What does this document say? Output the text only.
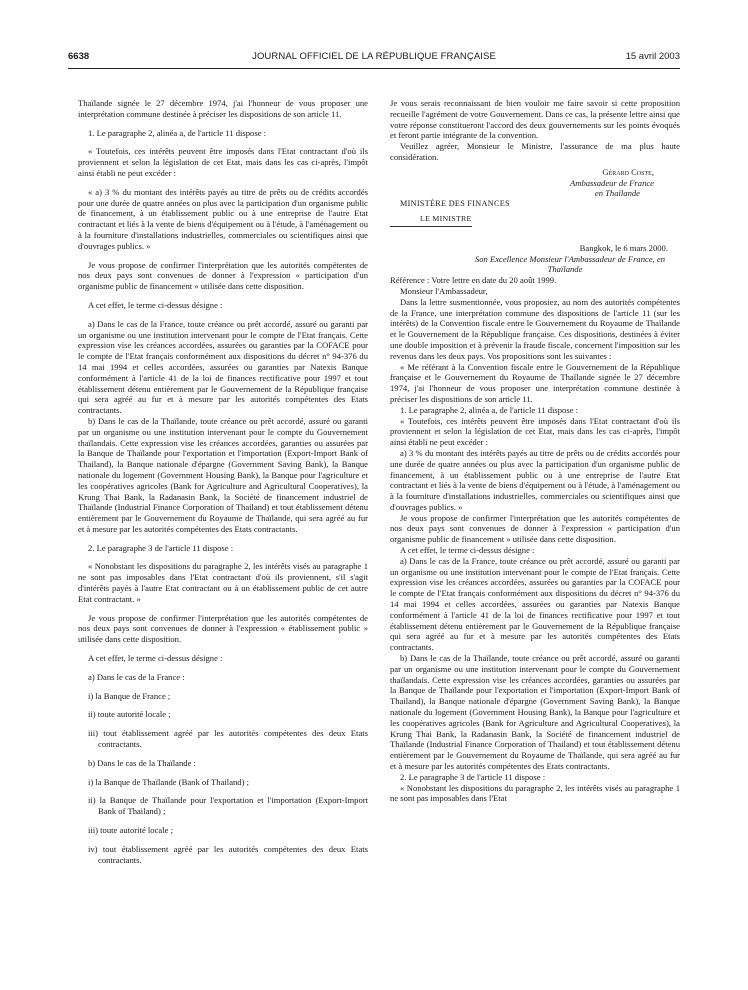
6638	JOURNAL OFFICIEL DE LA RÉPUBLIQUE FRANÇAISE	15 avril 2003

Thaïlande signée le 27 décembre 1974, j'ai l'honneur de vous proposer une interprétation commune destinée à préciser les dispositions de son article 11.

1. Le paragraphe 2, alinéa a, de l'article 11 dispose :

« Toutefois, ces intérêts peuvent être imposés dans l'Etat contractant d'où ils proviennent et selon la législation de cet Etat, mais dans les cas ci-après, l'impôt ainsi établi ne peut excéder :

« a) 3 % du montant des intérêts payés au titre de prêts ou de crédits accordés pour une durée de quatre années ou plus avec la participation d'un organisme public de financement, à un établissement public ou à une entreprise de l'autre Etat contractant et liés à la vente de biens d'équipement ou à l'étude, à l'aménagement ou à la fourniture d'installations industrielles, commerciales ou scientifiques ainsi que d'ouvrages publics. »

Je vous propose de confirmer l'interprétation que les autorités compétentes de nos deux pays sont convenues de donner à l'expression « participation d'un organisme public de financement » utilisée dans cette disposition.

A cet effet, le terme ci-dessus désigne :

a) Dans le cas de la France, toute créance ou prêt accordé, assuré ou garanti par un organisme ou une institution intervenant pour le compte de l'Etat français. Cette expression vise les créances accordées, assurées ou garanties par la COFACE pour le compte de l'Etat français conformément aux dispositions du décret n° 94-376 du 14 mai 1994 et celles accordées, assurées ou garanties par Natexis Banque conformément à l'article 41 de la loi de finances rectificative pour 1997 et tout établissement détenu entièrement par le Gouvernement de la République française qui sera agréé au fur et à mesure par les autorités compétentes des Etats contractants.

b) Dans le cas de la Thaïlande, toute créance ou prêt accordé, assuré ou garanti par un organisme ou une institution intervenant pour le compte du Gouvernement thaïlandais. Cette expression vise les créances accordées, garanties ou assurées par la Banque de Thaïlande pour l'exportation et l'importation (Export-Import Bank of Thailand), la Banque nationale d'épargne (Government Saving Bank), la Banque nationale du logement (Government Housing Bank), la Banque pour l'agriculture et les coopératives agricoles (Bank for Agriculture and Agricultural Cooperatives), la Krung Thai Bank, la Radanasin Bank, la Société de financement industriel de Thaïlande (Industrial Finance Corporation of Thailand) et tout établissement détenu entièrement par le Gouvernement du Royaume de Thaïlande, qui sera agréé au fur et à mesure par les autorités compétentes des Etats contractants.

2. Le paragraphe 3 de l'article 11 dispose :

« Nonobstant les dispositions du paragraphe 2, les intérêts visés au paragraphe 1 ne sont pas imposables dans l'Etat contractant d'où ils proviennent, s'il s'agit d'intérêts payés à l'autre Etat contractant ou à un établissement public de cet autre Etat contractant. »

Je vous propose de confirmer l'interprétation que les autorités compétentes de nos deux pays sont convenues de donner à l'expression « établissement public » utilisée dans cette disposition.

A cet effet, le terme ci-dessus désigne :

a) Dans le cas de la France :

i) la Banque de France ;

ii) toute autorité locale ;

iii) tout établissement agréé par les autorités compétentes des deux Etats contractants.

b) Dans le cas de la Thaïlande :

i) la Banque de Thaïlande (Bank of Thailand) ;

ii) la Banque de Thaïlande pour l'exportation et l'importation (Export-Import Bank of Thailand) ;

iii) toute autorité locale ;

iv) tout établissement agréé par les autorités compétentes des deux Etats contractants.

Je vous serais reconnaissant de bien vouloir me faire savoir si cette proposition recueille l'agrément de votre Gouvernement. Dans ce cas, la présente lettre ainsi que votre réponse constitueront l'accord des deux gouvernements sur les points évoqués et feront partie intégrante de la convention.

Veuillez agréer, Monsieur le Ministre, l'assurance de ma plus haute considération.

Gérard Coste,

Ambassadeur de France

en Thaïlande

MINISTÈRE DES FINANCES

LE MINISTRE

Bangkok, le 6 mars 2000.

Son Excellence Monsieur l'Ambassadeur de France, en Thaïlande

Référence : Votre lettre en date du 20 août 1999.

Monsieur l'Ambassadeur,

Dans la lettre susmentionnée, vous proposiez, au nom des autorités compétentes de la France, une interprétation commune des dispositions de l'article 11 (sur les intérêts) de la Convention fiscale entre le Gouvernement du Royaume de Thaïlande et le Gouvernement de la République française. Ces dispositions, destinées à éviter une double imposition et à prévenir la fraude fiscale, concernent l'imposition sur les revenus dans les deux pays. Vos propositions sont les suivantes :

« Me référant à la Convention fiscale entre le Gouvernement de la République française et le Gouvernement du Royaume de Thaïlande signée le 27 décembre 1974, j'ai l'honneur de vous proposer une interprétation commune destinée à préciser les dispositions de son article 11.

1. Le paragraphe 2, alinéa a, de l'article 11 dispose :

« Toutefois, ces intérêts peuvent être imposés dans l'Etat contractant d'où ils proviennent et selon la législation de cet Etat, mais dans les cas ci-après, l'impôt ainsi établi ne peut excéder :

a) 3 % du montant des intérêts payés au titre de prêts ou de crédits accordés pour une durée de quatre années ou plus avec la participation d'un organisme public de financement, à un établissement public ou à une entreprise de l'autre Etat contractant et liés à la vente de biens d'équipement ou à l'étude, à l'aménagement ou à la fourniture d'installations industrielles, commerciales ou scientifiques ainsi que d'ouvrages publics. »

Je vous propose de confirmer l'interprétation que les autorités compétentes de nos deux pays sont convenues de donner à l'expression « participation d'un organisme public de financement » utilisée dans cette disposition.

A cet effet, le terme ci-dessus désigne :

a) Dans le cas de la France, toute créance ou prêt accordé, assuré ou garanti par un organisme ou une institution intervenant pour le compte de l'Etat français. Cette expression vise les créances accordées, assurées ou garanties par la COFACE pour le compte de l'Etat français conformément aux dispositions du décret n° 94-376 du 14 mai 1994 et celles accordées, assurées ou garanties par Natexis Banque conformément à l'article 41 de la loi de finances rectificative pour 1997 et tout établissement détenu entièrement par le Gouvernement de la République française qui sera agréé au fur et à mesure par les autorités compétentes des Etats contractants.

b) Dans le cas de la Thaïlande, toute créance ou prêt accordé, assuré ou garanti par un organisme ou une institution intervenant pour le compte du Gouvernement thaïlandais. Cette expression vise les créances accordées, garanties ou assurées par la Banque de Thaïlande pour l'exportation et l'importation (Export-Import Bank of Thailand), la Banque nationale d'épargne (Government Saving Bank), la Banque nationale du logement (Government Housing Bank), la Banque pour l'agriculture et les coopératives agricoles (Bank for Agriculture and Agricultural Cooperatives), la Krung Thai Bank, la Radanasin Bank, la Société de financement industriel de Thaïlande (Industrial Finance Corporation of Thailand) et tout établissement détenu entièrement par le Gouvernement du Royaume de Thaïlande, qui sera agréé au fur et à mesure par les autorités compétentes des Etats contractants.

2. Le paragraphe 3 de l'article 11 dispose :

« Nonobstant les dispositions du paragraphe 2, les intérêts visés au paragraphe 1 ne sont pas imposables dans l'Etat
